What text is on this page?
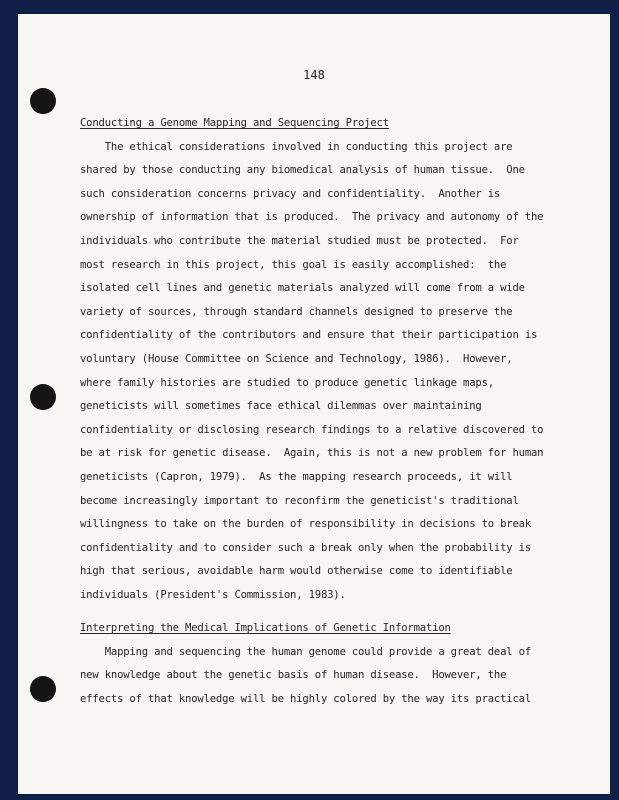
148
Conducting a Genome Mapping and Sequencing Project
The ethical considerations involved in conducting this project are
shared by those conducting any biomedical analysis of human tissue.  One
such consideration concerns privacy and confidentiality.  Another is
ownership of information that is produced.  The privacy and autonomy of the
individuals who contribute the material studied must be protected.  For
most research in this project, this goal is easily accomplished:  the
isolated cell lines and genetic materials analyzed will come from a wide
variety of sources, through standard channels designed to preserve the
confidentiality of the contributors and ensure that their participation is
voluntary (House Committee on Science and Technology, 1986).  However,
where family histories are studied to produce genetic linkage maps,
geneticists will sometimes face ethical dilemmas over maintaining
confidentiality or disclosing research findings to a relative discovered to
be at risk for genetic disease.  Again, this is not a new problem for human
geneticists (Capron, 1979).  As the mapping research proceeds, it will
become increasingly important to reconfirm the geneticist's traditional
willingness to take on the burden of responsibility in decisions to break
confidentiality and to consider such a break only when the probability is
high that serious, avoidable harm would otherwise come to identifiable
individuals (President's Commission, 1983).
Interpreting the Medical Implications of Genetic Information
Mapping and sequencing the human genome could provide a great deal of
new knowledge about the genetic basis of human disease.  However, the
effects of that knowledge will be highly colored by the way its practical
